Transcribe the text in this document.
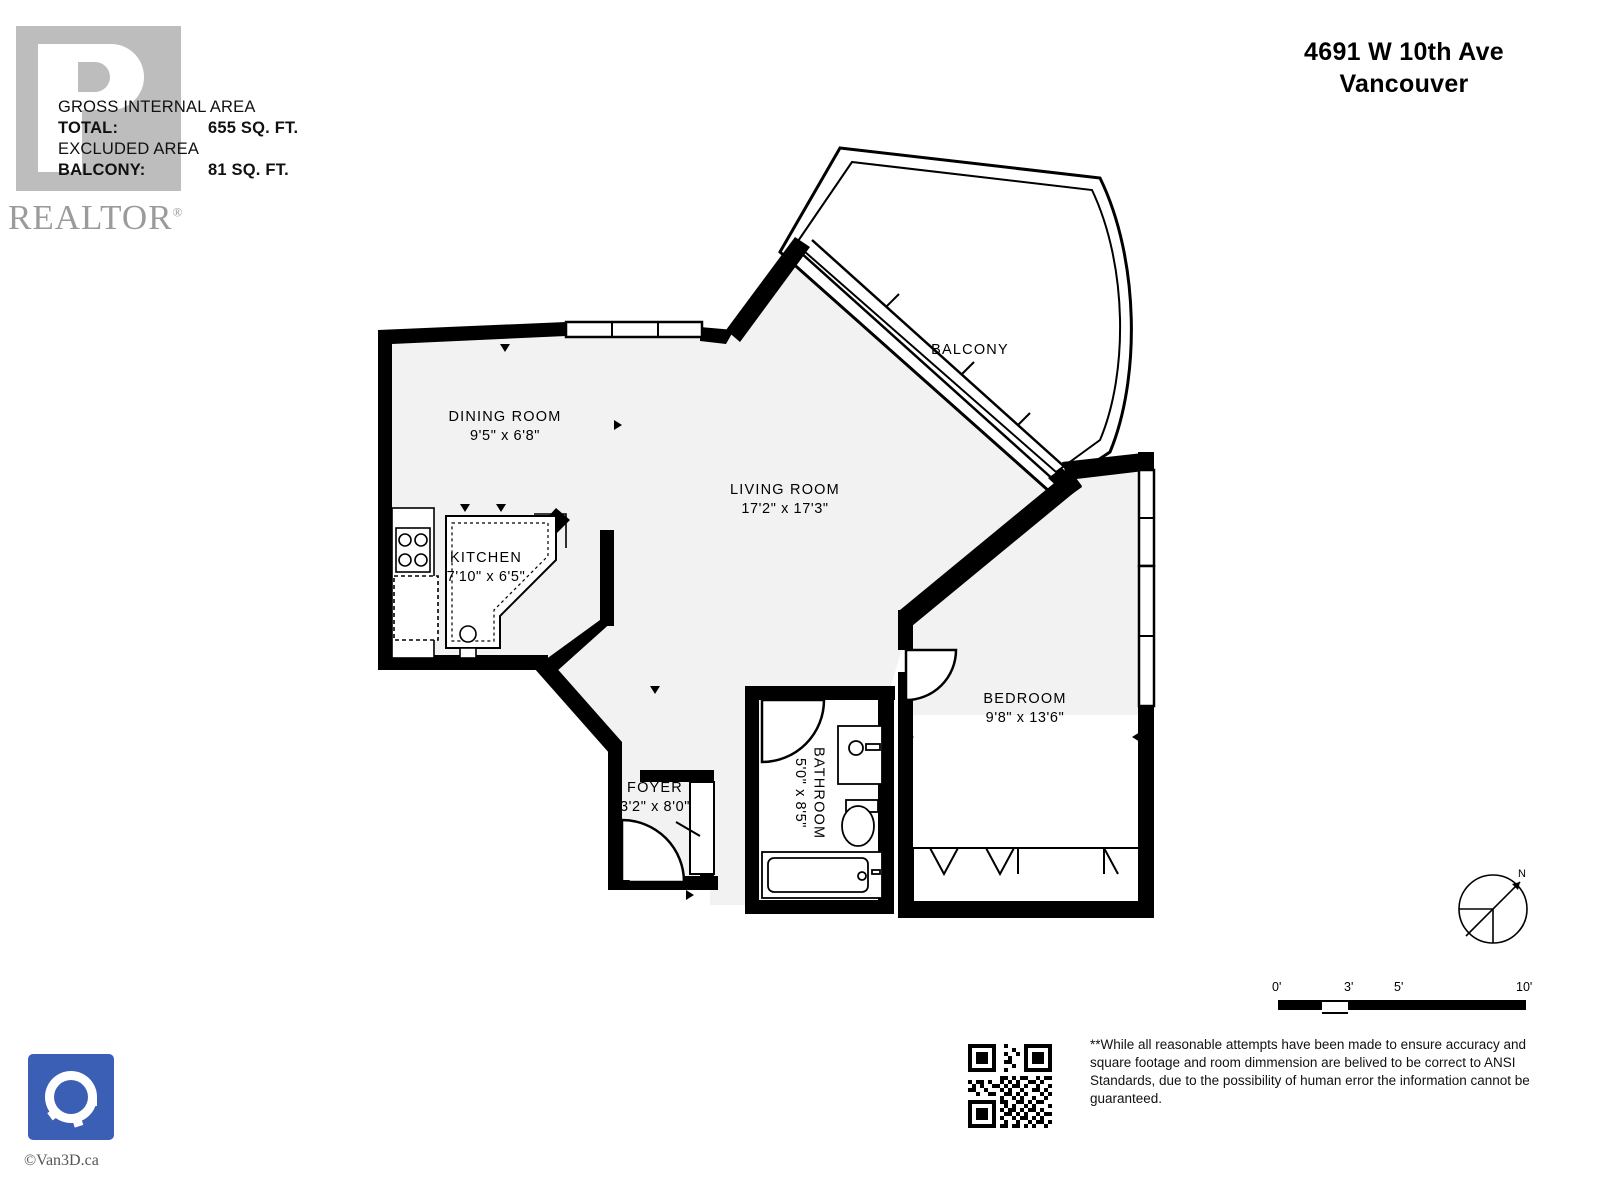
REALTOR®
GROSS INTERNAL AREA
TOTAL:	655 SQ. FT.
EXCLUDED AREA
BALCONY:	81 SQ. FT.
4691 W 10th Ave
Vancouver
DINING ROOM
9'5" x 6'8"
LIVING ROOM
17'2" x 17'3"
KITCHEN
7'10" x 6'5"
BEDROOM
9'8" x 13'6"
BATHROOM
5'0" x 8'5"
FOYER
3'2" x 8'0"
BALCONY
N
0'	3'	5'	10'
**While all reasonable attempts have been made to ensure accuracy and square footage and room dimmension are belived to be correct to ANSI Standards, due to the possibility of human error the information cannot be guaranteed.
©Van3D.ca
